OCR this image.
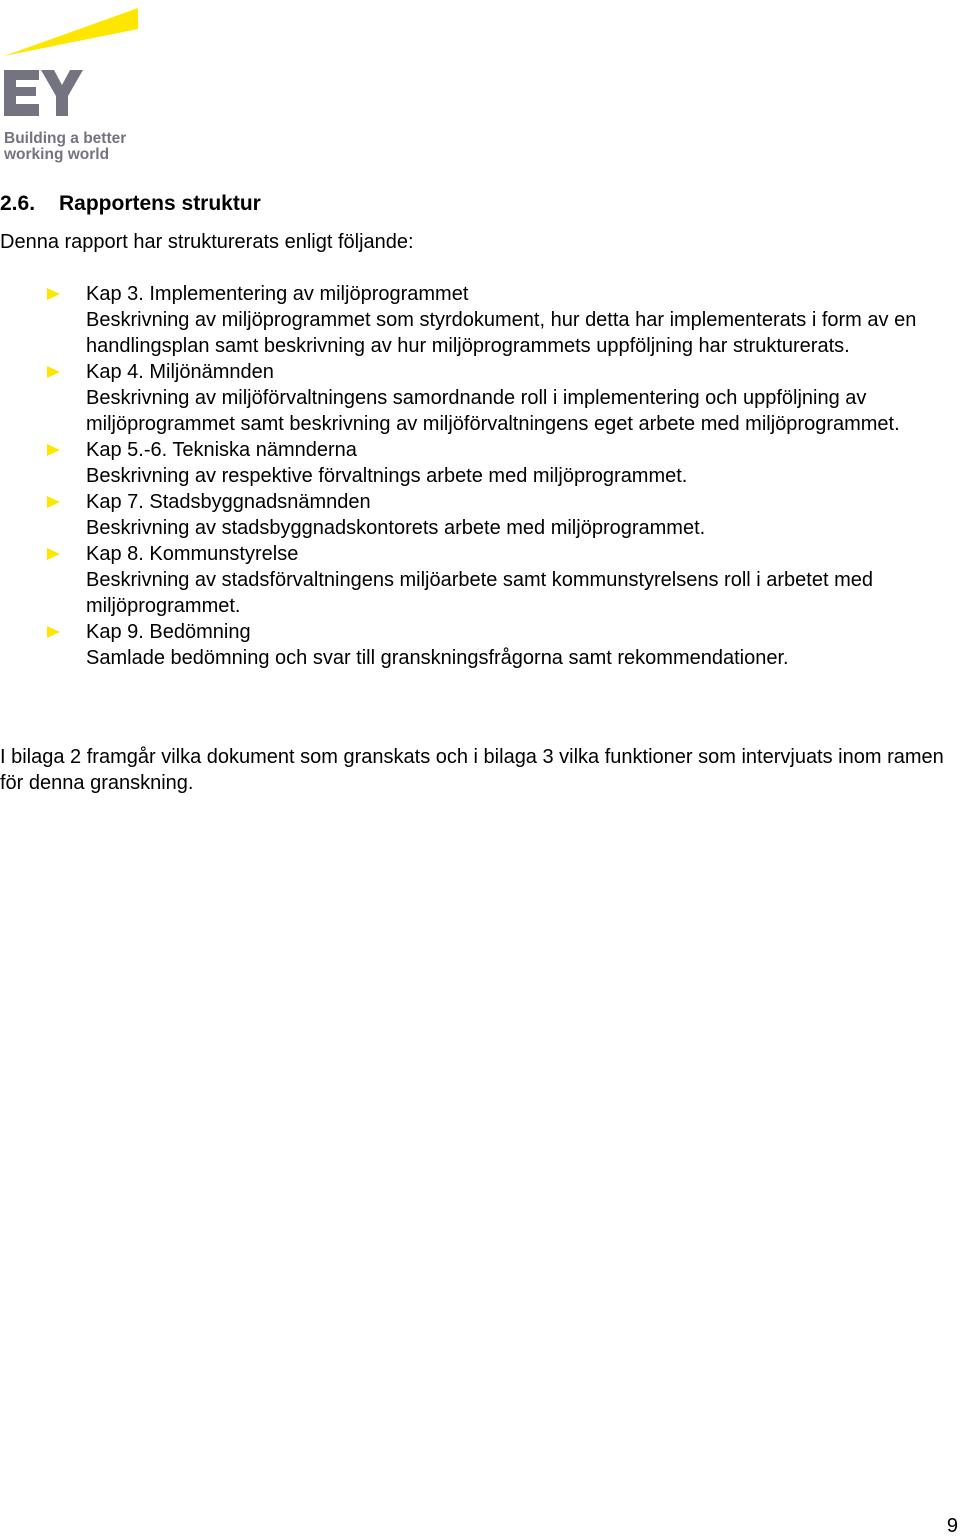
Building a better
working world
2.6. Rapportens struktur
Denna rapport har strukturerats enligt följande:
Kap 3. Implementering av miljöprogrammet
Beskrivning av miljöprogrammet som styrdokument, hur detta har implementerats i form av en handlingsplan samt beskrivning av hur miljöprogrammets uppföljning har strukturerats.
Kap 4. Miljönämnden
Beskrivning av miljöförvaltningens samordnande roll i implementering och uppföljning av miljöprogrammet samt beskrivning av miljöförvaltningens eget arbete med miljöprogrammet.
Kap 5.-6. Tekniska nämnderna
Beskrivning av respektive förvaltnings arbete med miljöprogrammet.
Kap 7. Stadsbyggnadsnämnden
Beskrivning av stadsbyggnadskontorets arbete med miljöprogrammet.
Kap 8. Kommunstyrelse
Beskrivning av stadsförvaltningens miljöarbete samt kommunstyrelsens roll i arbetet med miljöprogrammet.
Kap 9. Bedömning
Samlade bedömning och svar till granskningsfrågorna samt rekommendationer.

I bilaga 2 framgår vilka dokument som granskats och i bilaga 3 vilka funktioner som intervjuats inom ramen för denna granskning.

9
